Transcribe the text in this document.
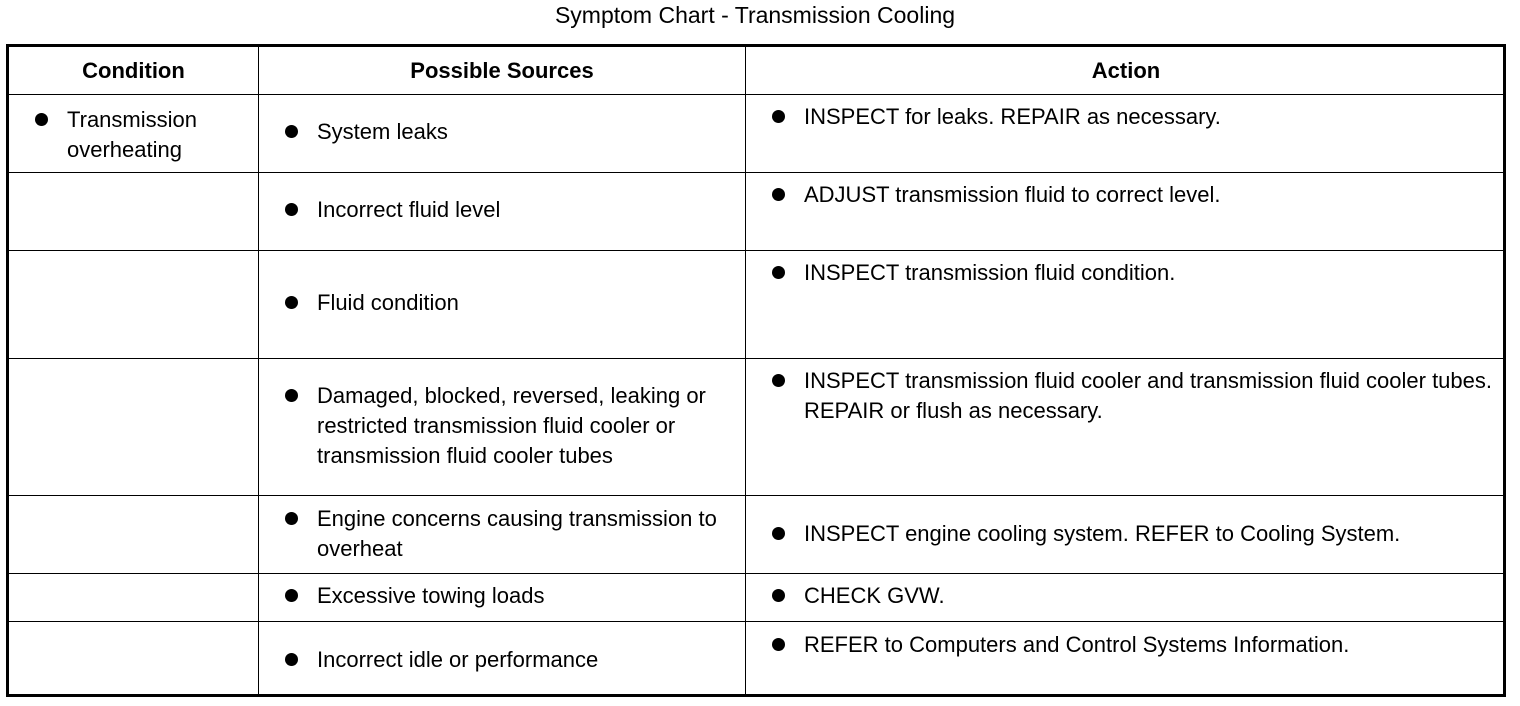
Symptom Chart - Transmission Cooling
Condition	Possible Sources	Action
Transmission overheating
System leaks
Incorrect fluid level
Fluid condition
Damaged, blocked, reversed, leaking or restricted transmission fluid cooler or transmission fluid cooler tubes
Engine concerns causing transmission to overheat
Excessive towing loads
Incorrect idle or performance
INSPECT for leaks. REPAIR as necessary.
ADJUST transmission fluid to correct level.
INSPECT transmission fluid condition.
INSPECT transmission fluid cooler and transmission fluid cooler tubes. REPAIR or flush as necessary.
INSPECT engine cooling system. REFER to Cooling System.
CHECK GVW.
REFER to Computers and Control Systems Information.
